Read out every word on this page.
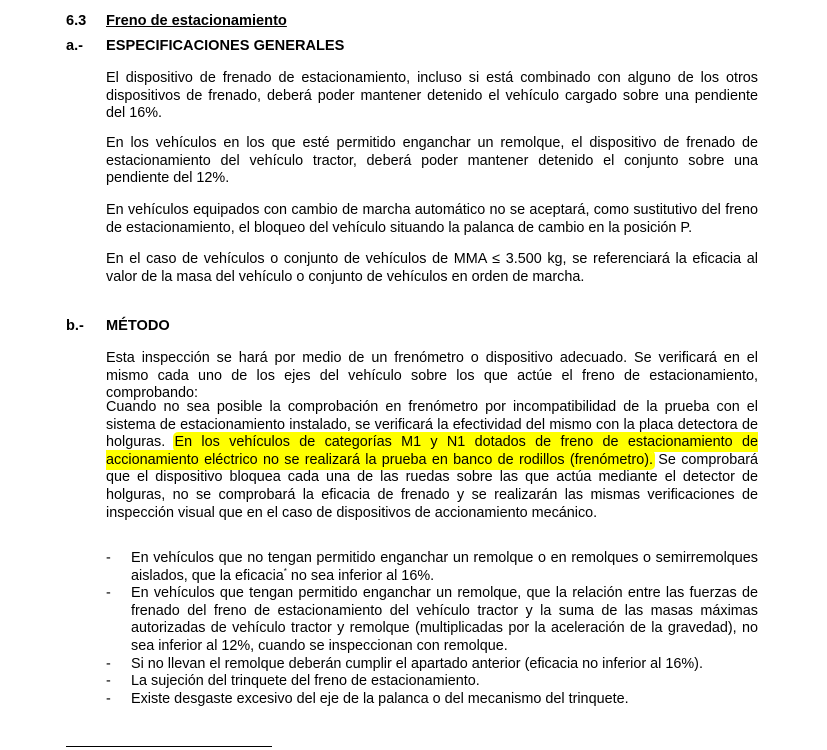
6.3 Freno de estacionamiento
a.- ESPECIFICACIONES GENERALES

El dispositivo de frenado de estacionamiento, incluso si está combinado con alguno de los otros dispositivos de frenado, deberá poder mantener detenido el vehículo cargado sobre una pendiente del 16%.

En los vehículos en los que esté permitido enganchar un remolque, el dispositivo de frenado de estacionamiento del vehículo tractor, deberá poder mantener detenido el conjunto sobre una pendiente del 12%.

En vehículos equipados con cambio de marcha automático no se aceptará, como sustitutivo del freno de estacionamiento, el bloqueo del vehículo situando la palanca de cambio en la posición P.

En el caso de vehículos o conjunto de vehículos de MMA ≤ 3.500 kg, se referenciará la eficacia al valor de la masa del vehículo o conjunto de vehículos en orden de marcha.

b.- MÉTODO

Esta inspección se hará por medio de un frenómetro o dispositivo adecuado. Se verificará en el mismo cada uno de los ejes del vehículo sobre los que actúe el freno de estacionamiento, comprobando:

Cuando no sea posible la comprobación en frenómetro por incompatibilidad de la prueba con el sistema de estacionamiento instalado, se verificará la efectividad del mismo con la placa detectora de holguras. En los vehículos de categorías M1 y N1 dotados de freno de estacionamiento de accionamiento eléctrico no se realizará la prueba en banco de rodillos (frenómetro). Se comprobará que el dispositivo bloquea cada una de las ruedas sobre las que actúa mediante el detector de holguras, no se comprobará la eficacia de frenado y se realizarán las mismas verificaciones de inspección visual que en el caso de dispositivos de accionamiento mecánico.

- En vehículos que no tengan permitido enganchar un remolque o en remolques o semirremolques aislados, que la eficacia* no sea inferior al 16%.
- En vehículos que tengan permitido enganchar un remolque, que la relación entre las fuerzas de frenado del freno de estacionamiento del vehículo tractor y la suma de las masas máximas autorizadas de vehículo tractor y remolque (multiplicadas por la aceleración de la gravedad), no sea inferior al 12%, cuando se inspeccionan con remolque.
- Si no llevan el remolque deberán cumplir el apartado anterior (eficacia no inferior al 16%).
- La sujeción del trinquete del freno de estacionamiento.
- Existe desgaste excesivo del eje de la palanca o del mecanismo del trinquete.
